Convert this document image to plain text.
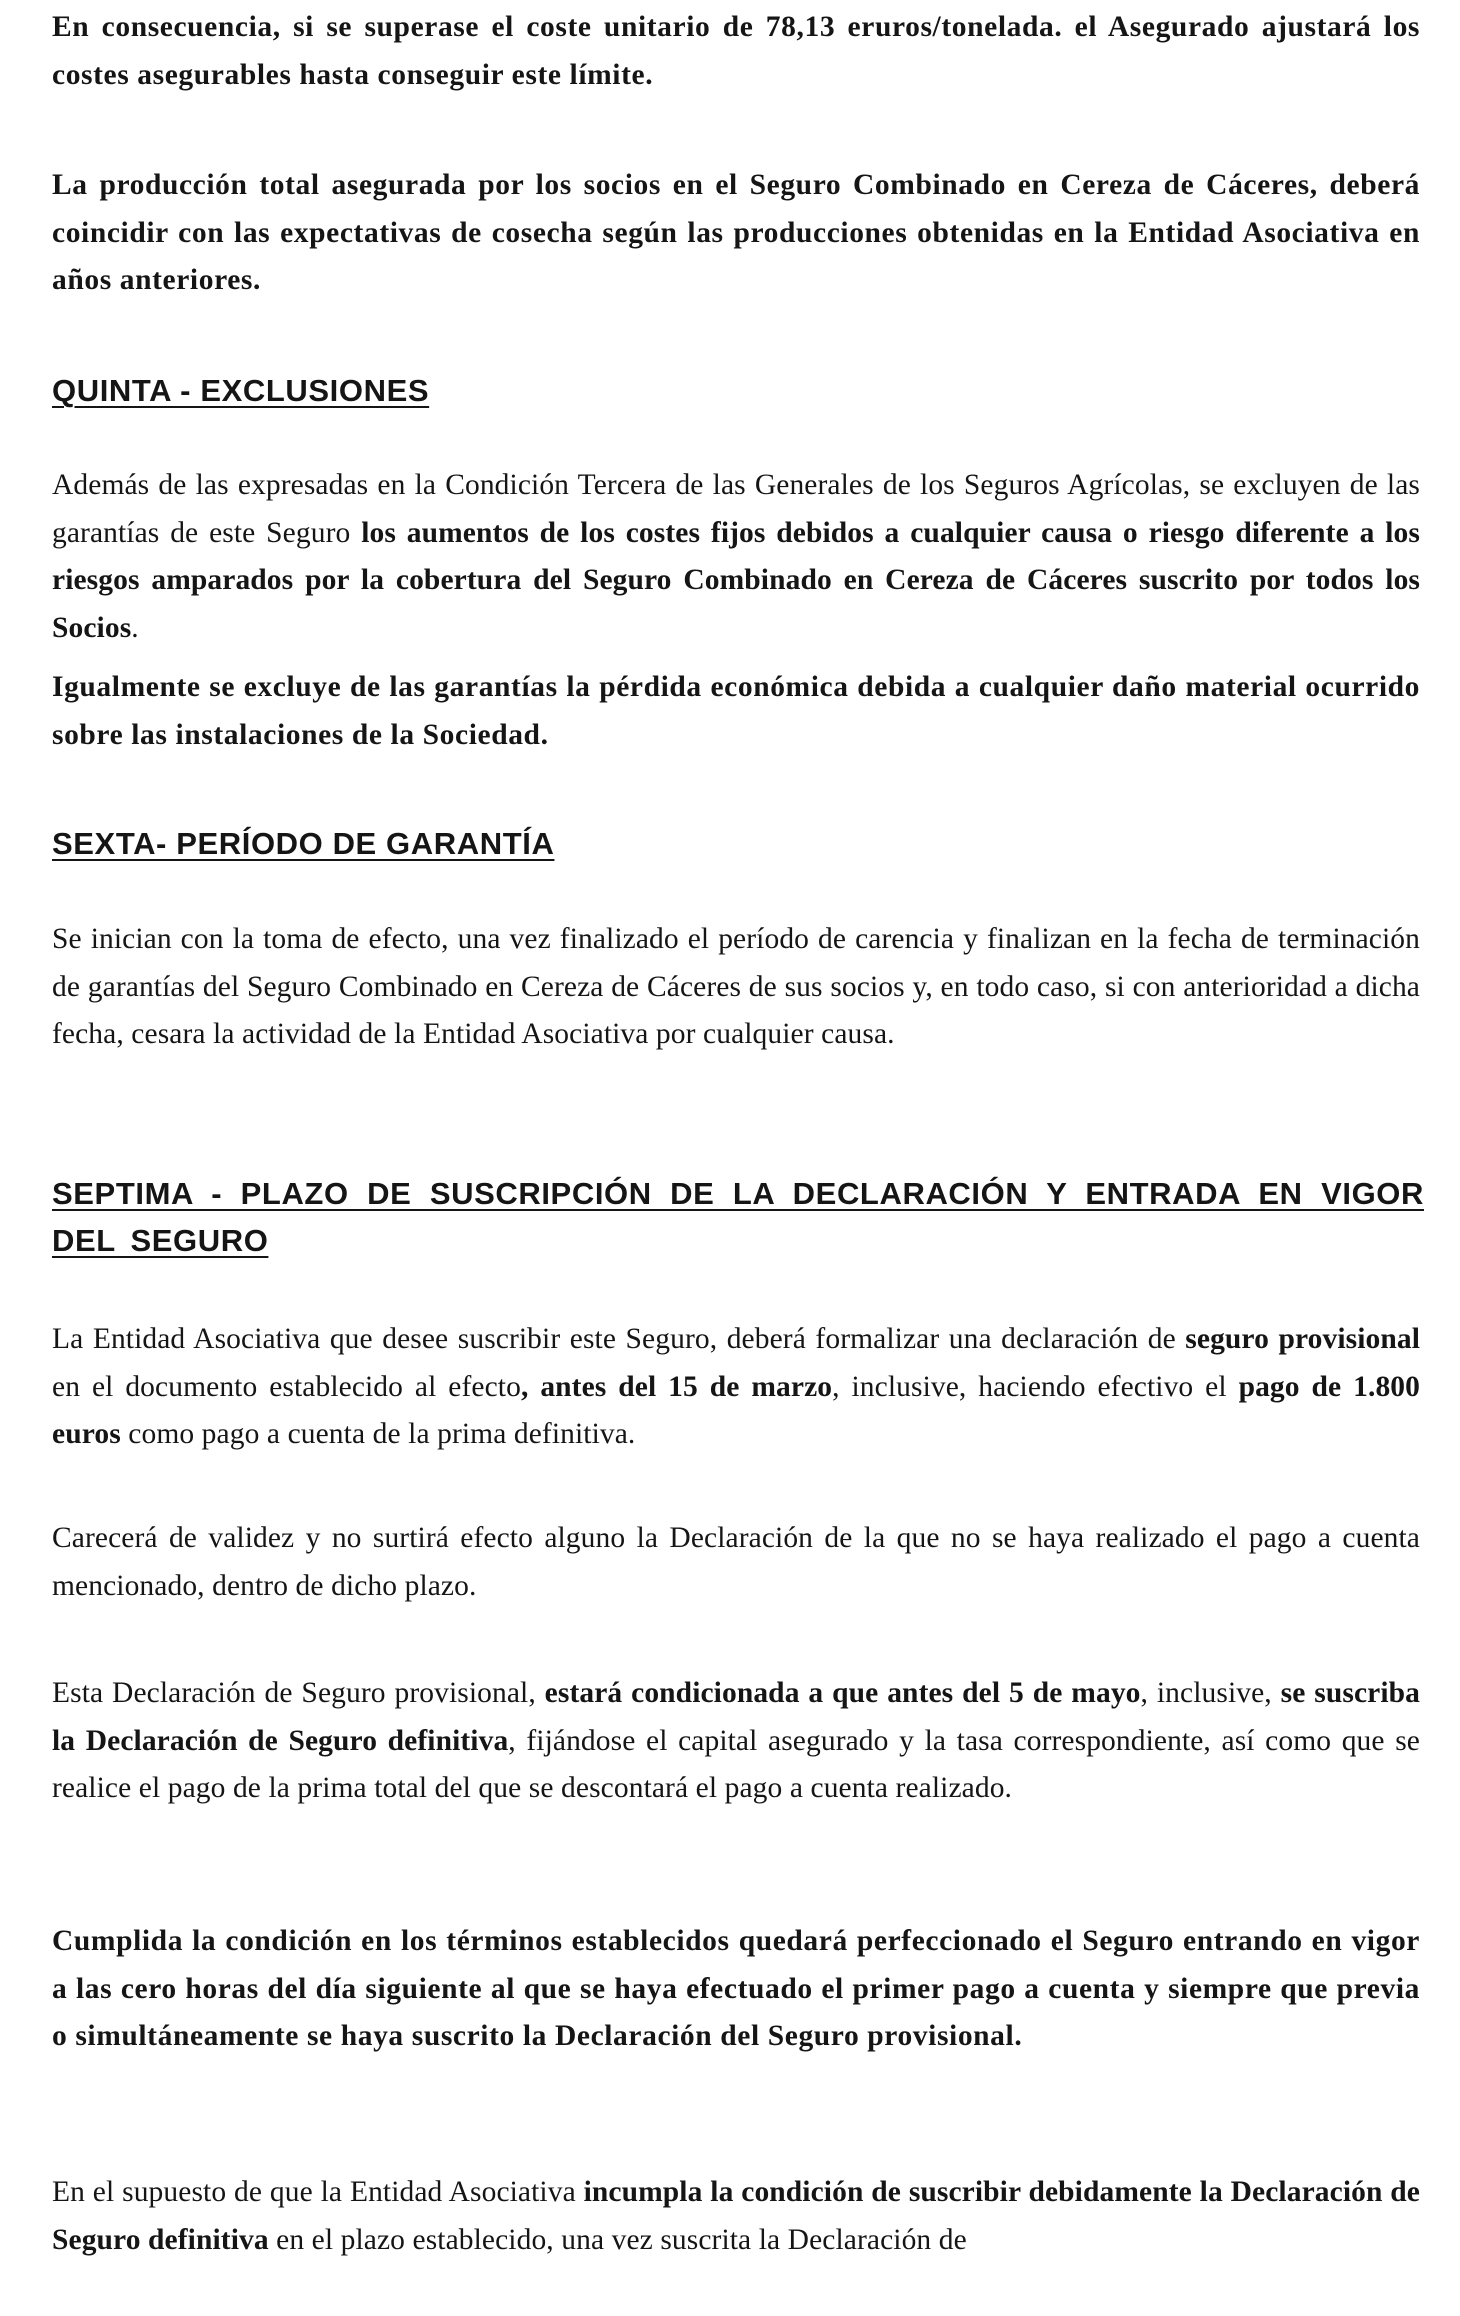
En consecuencia, si se superase el coste unitario de 78,13 eruros/tonelada. el Asegurado ajustará los costes asegurables hasta conseguir este límite.

La producción total asegurada por los socios en el Seguro Combinado en Cereza de Cáceres, deberá coincidir con las expectativas de cosecha según las producciones obtenidas en la Entidad Asociativa en años anteriores.

QUINTA - EXCLUSIONES

Además de las expresadas en la Condición Tercera de las Generales de los Seguros Agrícolas, se excluyen de las garantías de este Seguro los aumentos de los costes fijos debidos a cualquier causa o riesgo diferente a los riesgos amparados por la cobertura del Seguro Combinado en Cereza de Cáceres suscrito por todos los Socios.

Igualmente se excluye de las garantías la pérdida económica debida a cualquier daño material ocurrido sobre las instalaciones de la Sociedad.

SEXTA- PERÍODO DE GARANTÍA

Se inician con la toma de efecto, una vez finalizado el período de carencia y finalizan en la fecha de terminación de garantías del Seguro Combinado en Cereza de Cáceres de sus socios y, en todo caso, si con anterioridad a dicha fecha, cesara la actividad de la Entidad Asociativa por cualquier causa.

SEPTIMA - PLAZO DE SUSCRIPCIÓN DE LA DECLARACIÓN Y ENTRADA EN VIGOR DEL SEGURO

La Entidad Asociativa que desee suscribir este Seguro, deberá formalizar una declaración de seguro provisional en el documento establecido al efecto, antes del 15 de marzo, inclusive, haciendo efectivo el pago de 1.800 euros como pago a cuenta de la prima definitiva.

Carecerá de validez y no surtirá efecto alguno la Declaración de la que no se haya realizado el pago a cuenta mencionado, dentro de dicho plazo.

Esta Declaración de Seguro provisional, estará condicionada a que antes del 5 de mayo, inclusive, se suscriba la Declaración de Seguro definitiva, fijándose el capital asegurado y la tasa correspondiente, así como que se realice el pago de la prima total del que se descontará el pago a cuenta realizado.

Cumplida la condición en los términos establecidos quedará perfeccionado el Seguro entrando en vigor a las cero horas del día siguiente al que se haya efectuado el primer pago a cuenta y siempre que previa o simultáneamente se haya suscrito la Declaración del Seguro provisional.

En el supuesto de que la Entidad Asociativa incumpla la condición de suscribir debidamente la Declaración de Seguro definitiva en el plazo establecido, una vez suscrita la Declaración de
